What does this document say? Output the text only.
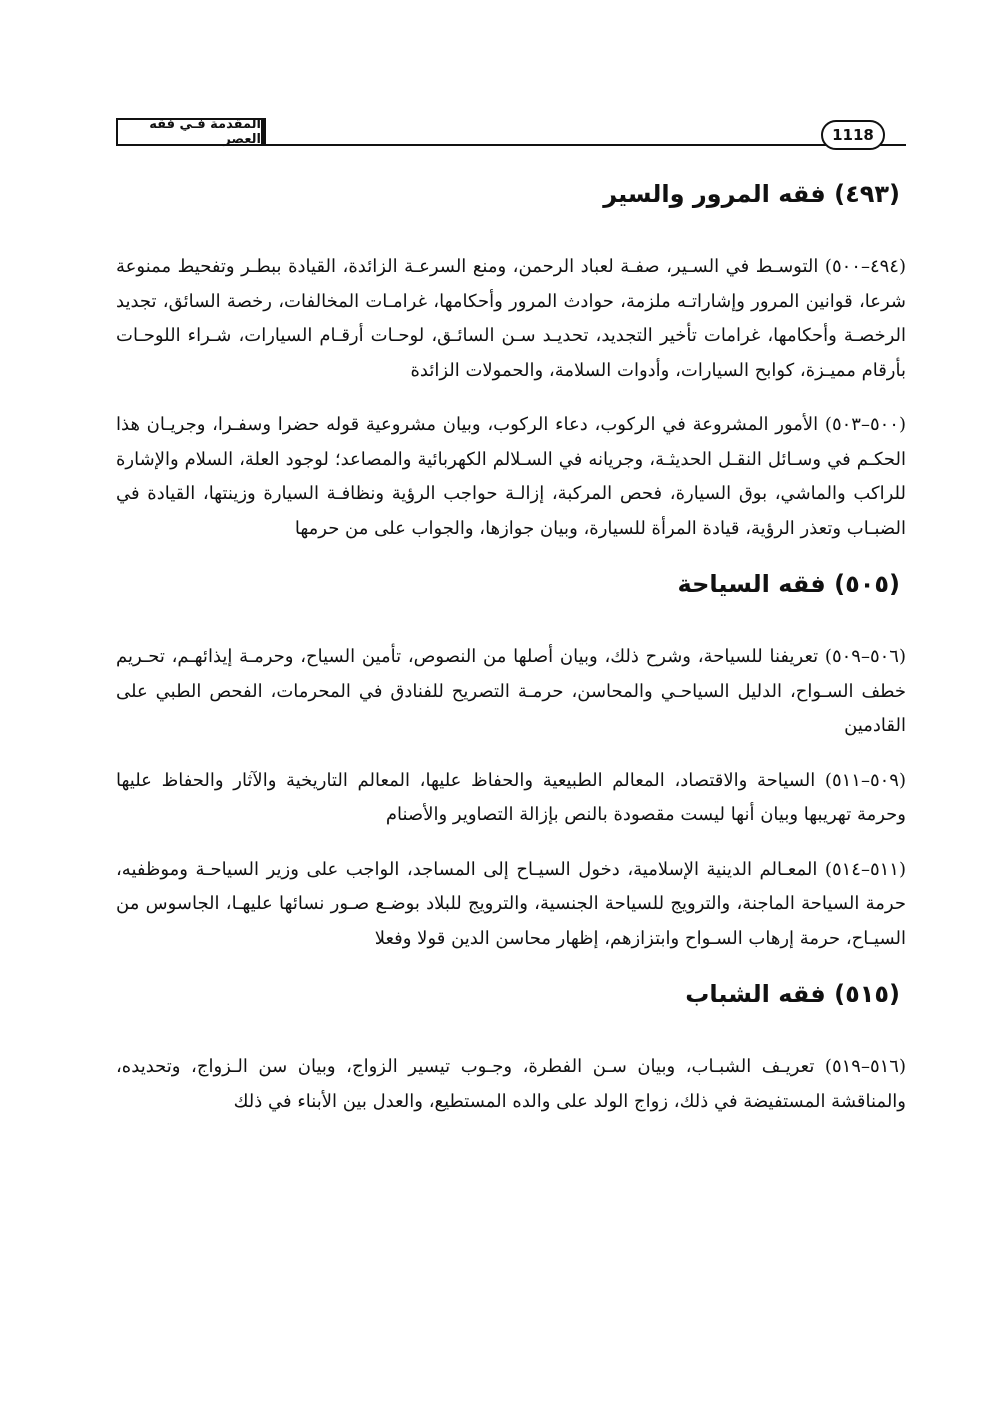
المقدمة فـي فقه العصر	1118
(٤٩٣) فقه المرور والسير

(٤٩٤–٥٠٠) التوسـط في السـير، صفـة لعباد الرحمن، ومنع السرعـة الزائدة، القيادة ببطـر وتفحيط ممنوعة شرعا، قوانين المرور وإشاراتـه ملزمة، حوادث المرور وأحكامها، غرامـات المخالفات، رخصة السائق، تجديد الرخصـة وأحكامها، غرامات تأخير التجديد، تحديـد سـن السائـق، لوحـات أرقـام السيارات، شـراء اللوحـات بأرقام مميـزة، كوابح السيارات، وأدوات السلامة، والحمولات الزائدة

(٥٠٠–٥٠٣) الأمور المشروعة في الركوب، دعاء الركوب، وبيان مشروعية قوله حضرا وسفـرا، وجريـان هذا الحكـم في وسـائل النقـل الحديثـة، وجريانه في السـلالم الكهربائية والمصاعد؛ لوجود العلة، السلام والإشارة للراكب والماشي، بوق السيارة، فحص المركبة، إزالـة حواجب الرؤية ونظافـة السيارة وزينتها، القيادة في الضبـاب وتعذر الرؤية، قيادة المرأة للسيارة، وبيان جوازها، والجواب على من حرمها

(٥٠٥) فقه السياحة

(٥٠٦–٥٠٩) تعريفنا للسياحة، وشرح ذلك، وبيان أصلها من النصوص، تأمين السياح، وحرمـة إيذائهـم، تحـريم خطف السـواح، الدليل السياحـي والمحاسن، حرمـة التصريح للفنادق في المحرمات، الفحص الطبي على القادمين

(٥٠٩–٥١١) السياحة والاقتصاد، المعالم الطبيعية والحفاظ عليها، المعالم التاريخية والآثار والحفاظ عليها وحرمة تهريبها وبيان أنها ليست مقصودة بالنص بإزالة التصاوير والأصنام

(٥١١–٥١٤) المعـالم الدينية الإسلامية، دخول السيـاح إلى المساجد، الواجب على وزير السياحـة وموظفيه، حرمة السياحة الماجنة، والترويج للسياحة الجنسية، والترويج للبلاد بوضـع صـور نسائها عليهـا، الجاسوس من السيـاح، حرمة إرهاب السـواح وابتزازهم، إظهار محاسن الدين قولا وفعلا

(٥١٥) فقه الشباب

(٥١٦–٥١٩) تعريـف الشبـاب، وبيان سـن الفطرة، وجـوب تيسير الزواج، وبيان سن الـزواج، وتحديده، والمناقشة المستفيضة في ذلك، زواج الولد على والده المستطيع، والعدل بين الأبناء في ذلك
